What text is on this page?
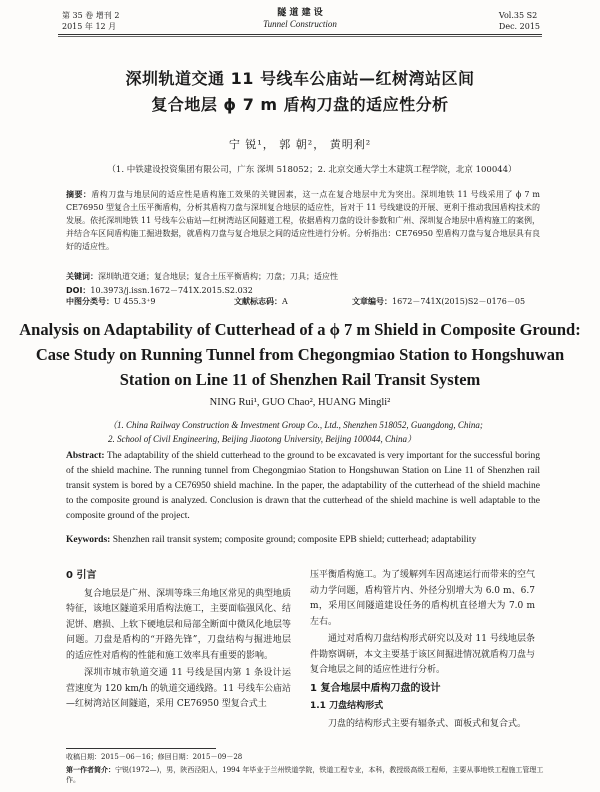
第 35 卷 增刊 2
2015 年 12 月
隧 道 建 设
Tunnel Construction
Vol.35 S2
Dec. 2015
深圳轨道交通 11 号线车公庙站—红树湾站区间
复合地层 ϕ 7 m 盾构刀盘的适应性分析
宁 锐¹， 郭 朝²， 黄明利²
（1. 中铁建设投资集团有限公司，广东 深圳 518052；2. 北京交通大学土木建筑工程学院，北京 100044）
摘要：盾构刀盘与地层间的适应性是盾构施工效果的关键因素，这一点在复合地层中尤为突出。深圳地铁 11 号线采用了 ϕ 7 m CE76950 型复合土压平衡盾构，分析其盾构刀盘与深圳复合地层的适应性，旨对于 11 号线建设的开展、更利于推动我国盾构技术的发展。依托深圳地铁 11 号线车公庙站—红树湾站区间隧道工程，依据盾构刀盘的设计参数和广州、深圳复合地层中盾构施工的案例，并结合车区间盾构施工掘进数据，就盾构刀盘与复合地层之间的适应性进行分析。分析指出：CE76950 型盾构刀盘与复合地层具有良好的适应性。
关键词：深圳轨道交通；复合地层；复合土压平衡盾构；刀盘；刀具；适应性
DOI：10.3973/j.issn.1672－741X.2015.S2.032
中图分类号：U 455.3⁺9	文献标志码：A	文章编号：1672－741X(2015)S2－0176－05
Analysis on Adaptability of Cutterhead of a ϕ 7 m Shield in Composite Ground:
Case Study on Running Tunnel from Chegongmiao Station to Hongshuwan
Station on Line 11 of Shenzhen Rail Transit System
NING Rui¹, GUO Chao², HUANG Mingli²
（1. China Railway Construction & Investment Group Co., Ltd., Shenzhen 518052, Guangdong, China;
2. School of Civil Engineering, Beijing Jiaotong University, Beijing 100044, China）
Abstract: The adaptability of the shield cutterhead to the ground to be excavated is very important for the successful boring of the shield machine. The running tunnel from Chegongmiao Station to Hongshuwan Station on Line 11 of Shenzhen rail transit system is bored by a CE76950 shield machine. In the paper, the adaptability of the cutterhead of the shield machine to the composite ground is analyzed. Conclusion is drawn that the cutterhead of the shield machine is well adaptable to the composite ground of the project.
Keywords: Shenzhen rail transit system; composite ground; composite EPB shield; cutterhead; adaptability
0 引言

复合地层是广州、深圳等珠三角地区常见的典型地质特征，该地区隧道采用盾构法施工，主要面临强风化、结泥饼、磨损、上软下硬地层和局部全断面中微风化地层等问题。刀盘是盾构的“开路先锋”，刀盘结构与掘进地层的适应性对盾构的性能和施工效率具有重要的影响。

深圳市城市轨道交通 11 号线是国内第 1 条设计运营速度为 120 km/h 的轨道交通线路。11 号线车公庙站—红树湾站区间隧道，采用 CE76950 型复合式土

压平衡盾构施工。为了缓解列车因高速运行而带来的空气动力学问题，盾构管片内、外径分别增大为 6.0 m、6.7 m，采用区间隧道建设任务的盾构机直径增大为 7.0 m 左右。

通过对盾构刀盘结构形式研究以及对 11 号线地层条件勘察调研，本文主要基于该区间掘进情况就盾构刀盘与复合地层之间的适应性进行分析。

1 复合地层中盾构刀盘的设计
1.1 刀盘结构形式

刀盘的结构形式主要有辐条式、面板式和复合式。

收稿日期：2015－06－16；修回日期：2015－09－28
第一作者简介：宁锐(1972—)，男，陕西泾阳人，1994 年毕业于兰州铁道学院，铁道工程专业，本科，教授级高级工程师，主要从事地铁工程施工管理工作。
